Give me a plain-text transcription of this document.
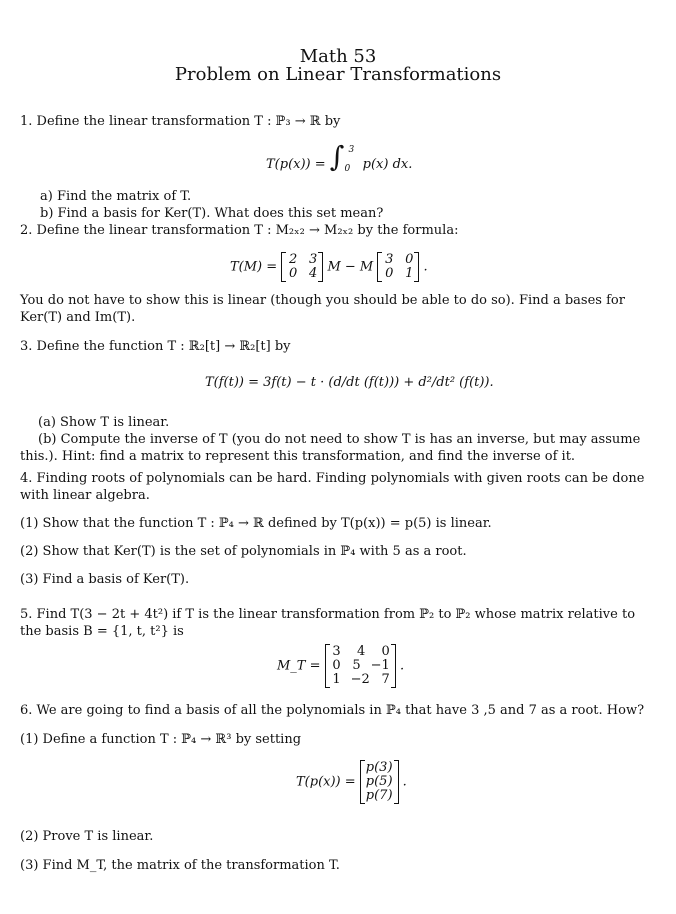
Math 53
Problem on Linear Transformations
1. Define the linear transformation T : ℙ₃ → ℝ by
T(p(x)) = ∫ 3
0 p(x) dx.
a) Find the matrix of T.
b) Find a basis for Ker(T). What does this set mean?
2. Define the linear transformation T : M₂ₓ₂ → M₂ₓ₂ by the formula:
T(M) = 2 3
0 4 M − M 3 0
0 1 .
You do not have to show this is linear (though you should be able to do so). Find a bases for Ker(T) and Im(T).
3. Define the function T : ℝ₂[t] → ℝ₂[t] by
T(f(t)) = 3f(t) − t · (d/dt (f(t))) + d²/dt² (f(t)).
(a) Show T is linear.
(b) Compute the inverse of T (you do not need to show T is has an inverse, but may assume this.). Hint: find a matrix to represent this transformation, and find the inverse of it.
4. Finding roots of polynomials can be hard. Finding polynomials with given roots can be done with linear algebra.
(1) Show that the function T : ℙ₄ → ℝ defined by T(p(x)) = p(5) is linear.
(2) Show that Ker(T) is the set of polynomials in ℙ₄ with 5 as a root.
(3) Find a basis of Ker(T).
5. Find T(3 − 2t + 4t²) if T is the linear transformation from ℙ₂ to ℙ₂ whose matrix relative to the basis B = {1, t, t²} is
M_T =
3 4 0
0 5 −1
1 −2 7
.
6. We are going to find a basis of all the polynomials in ℙ₄ that have 3 ,5 and 7 as a root. How?
(1) Define a function T : ℙ₄ → ℝ³ by setting
T(p(x)) =
p(3)
p(5)
p(7)
.
(2) Prove T is linear.
(3) Find M_T, the matrix of the transformation T.
